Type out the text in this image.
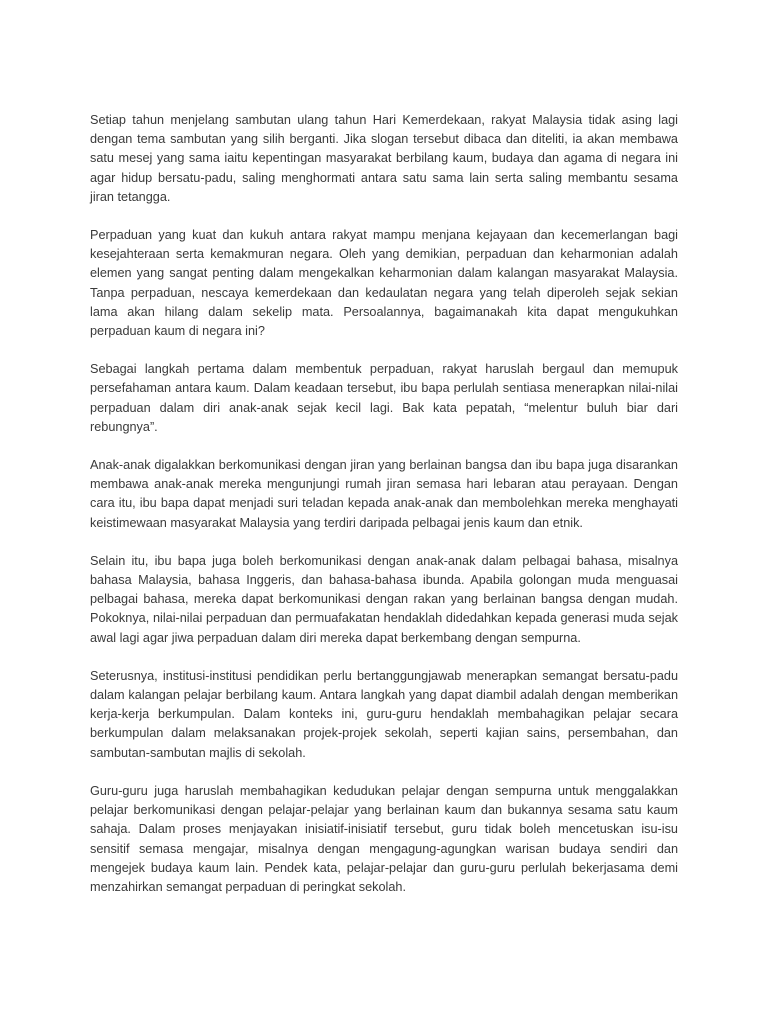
Setiap tahun menjelang sambutan ulang tahun Hari Kemerdekaan, rakyat Malaysia tidak asing lagi dengan tema sambutan yang silih berganti. Jika slogan tersebut dibaca dan diteliti, ia akan membawa satu mesej yang sama iaitu kepentingan masyarakat berbilang kaum, budaya dan agama di negara ini agar hidup bersatu-padu, saling menghormati antara satu sama lain serta saling membantu sesama jiran tetangga.

Perpaduan yang kuat dan kukuh antara rakyat mampu menjana kejayaan dan kecemerlangan bagi kesejahteraan serta kemakmuran negara. Oleh yang demikian, perpaduan dan keharmonian adalah elemen yang sangat penting dalam mengekalkan keharmonian dalam kalangan masyarakat Malaysia. Tanpa perpaduan, nescaya kemerdekaan dan kedaulatan negara yang telah diperoleh sejak sekian lama akan hilang dalam sekelip mata. Persoalannya, bagaimanakah kita dapat mengukuhkan perpaduan kaum di negara ini?

Sebagai langkah pertama dalam membentuk perpaduan, rakyat haruslah bergaul dan memupuk persefahaman antara kaum. Dalam keadaan tersebut, ibu bapa perlulah sentiasa menerapkan nilai-nilai perpaduan dalam diri anak-anak sejak kecil lagi. Bak kata pepatah, “melentur buluh biar dari rebungnya”.

Anak-anak digalakkan berkomunikasi dengan jiran yang berlainan bangsa dan ibu bapa juga disarankan membawa anak-anak mereka mengunjungi rumah jiran semasa hari lebaran atau perayaan. Dengan cara itu, ibu bapa dapat menjadi suri teladan kepada anak-anak dan membolehkan mereka menghayati keistimewaan masyarakat Malaysia yang terdiri daripada pelbagai jenis kaum dan etnik.

Selain itu, ibu bapa juga boleh berkomunikasi dengan anak-anak dalam pelbagai bahasa, misalnya bahasa Malaysia, bahasa Inggeris, dan bahasa-bahasa ibunda. Apabila golongan muda menguasai pelbagai bahasa, mereka dapat berkomunikasi dengan rakan yang berlainan bangsa dengan mudah. Pokoknya, nilai-nilai perpaduan dan permuafakatan hendaklah didedahkan kepada generasi muda sejak awal lagi agar jiwa perpaduan dalam diri mereka dapat berkembang dengan sempurna.

Seterusnya, institusi-institusi pendidikan perlu bertanggungjawab menerapkan semangat bersatu-padu dalam kalangan pelajar berbilang kaum. Antara langkah yang dapat diambil adalah dengan memberikan kerja-kerja berkumpulan. Dalam konteks ini, guru-guru hendaklah membahagikan pelajar secara berkumpulan dalam melaksanakan projek-projek sekolah, seperti kajian sains, persembahan, dan sambutan-sambutan majlis di sekolah.

Guru-guru juga haruslah membahagikan kedudukan pelajar dengan sempurna untuk menggalakkan pelajar berkomunikasi dengan pelajar-pelajar yang berlainan kaum dan bukannya sesama satu kaum sahaja. Dalam proses menjayakan inisiatif-inisiatif tersebut, guru tidak boleh mencetuskan isu-isu sensitif semasa mengajar, misalnya dengan mengagung-agungkan warisan budaya sendiri dan mengejek budaya kaum lain. Pendek kata, pelajar-pelajar dan guru-guru perlulah bekerjasama demi menzahirkan semangat perpaduan di peringkat sekolah.
